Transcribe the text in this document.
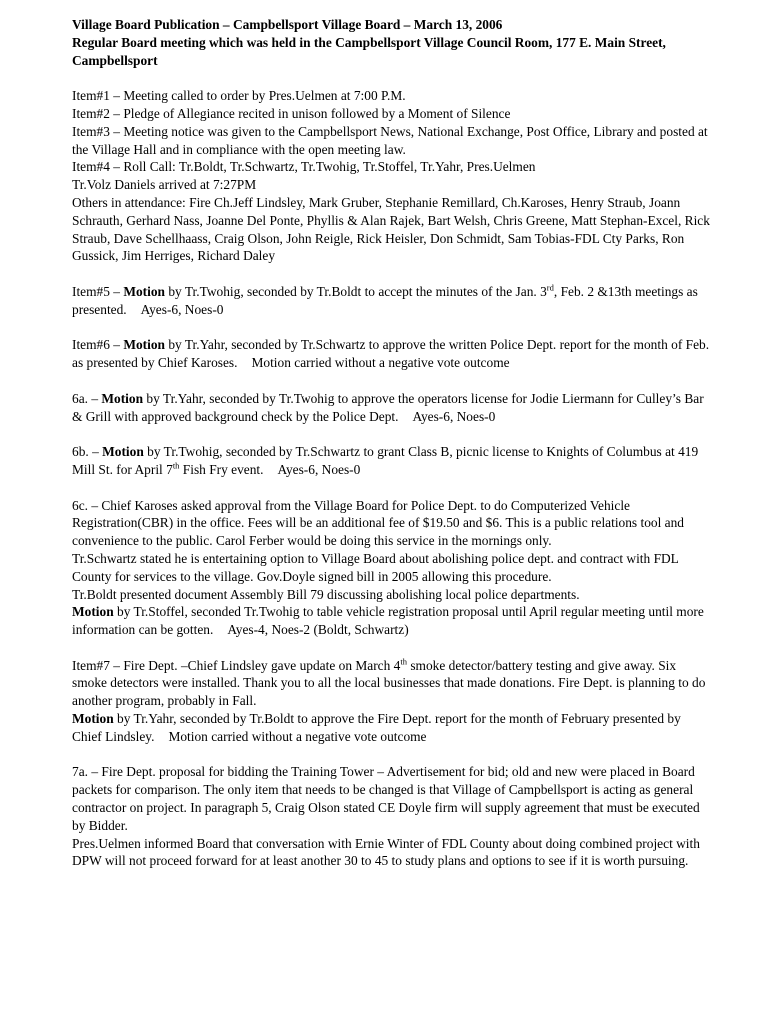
Village Board Publication – Campbellsport Village Board – March 13, 2006
Regular Board meeting which was held in the Campbellsport Village Council Room, 177 E. Main Street, Campbellsport
Item#1 – Meeting called to order by Pres.Uelmen at 7:00 P.M.
Item#2 – Pledge of Allegiance recited in unison followed by a Moment of Silence
Item#3 – Meeting notice was given to the Campbellsport News, National Exchange, Post Office, Library and posted at the Village Hall and in compliance with the open meeting law.
Item#4 – Roll Call: Tr.Boldt, Tr.Schwartz, Tr.Twohig, Tr.Stoffel, Tr.Yahr, Pres.Uelmen
Tr.Volz Daniels arrived at 7:27PM
Others in attendance: Fire Ch.Jeff Lindsley, Mark Gruber, Stephanie Remillard, Ch.Karoses, Henry Straub, Joann Schrauth, Gerhard Nass, Joanne Del Ponte, Phyllis & Alan Rajek, Bart Welsh, Chris Greene, Matt Stephan-Excel, Rick Straub, Dave Schellhaass, Craig Olson, John Reigle, Rick Heisler, Don Schmidt, Sam Tobias-FDL Cty Parks, Ron Gussick, Jim Herriges, Richard Daley
Item#5 – Motion by Tr.Twohig, seconded by Tr.Boldt to accept the minutes of the Jan. 3rd, Feb. 2 &13th meetings as presented. Ayes-6, Noes-0
Item#6 – Motion by Tr.Yahr, seconded by Tr.Schwartz to approve the written Police Dept. report for the month of Feb. as presented by Chief Karoses. Motion carried without a negative vote outcome
6a. – Motion by Tr.Yahr, seconded by Tr.Twohig to approve the operators license for Jodie Liermann for Culley’s Bar & Grill with approved background check by the Police Dept. Ayes-6, Noes-0
6b. – Motion by Tr.Twohig, seconded by Tr.Schwartz to grant Class B, picnic license to Knights of Columbus at 419 Mill St. for April 7th Fish Fry event. Ayes-6, Noes-0
6c. – Chief Karoses asked approval from the Village Board for Police Dept. to do Computerized Vehicle Registration(CBR) in the office. Fees will be an additional fee of $19.50 and $6. This is a public relations tool and convenience to the public. Carol Ferber would be doing this service in the mornings only.
Tr.Schwartz stated he is entertaining option to Village Board about abolishing police dept. and contract with FDL County for services to the village. Gov.Doyle signed bill in 2005 allowing this procedure.
Tr.Boldt presented document Assembly Bill 79 discussing abolishing local police departments.
Motion by Tr.Stoffel, seconded Tr.Twohig to table vehicle registration proposal until April regular meeting until more information can be gotten. Ayes-4, Noes-2 (Boldt, Schwartz)
Item#7 – Fire Dept. –Chief Lindsley gave update on March 4th smoke detector/battery testing and give away. Six smoke detectors were installed. Thank you to all the local businesses that made donations. Fire Dept. is planning to do another program, probably in Fall.
Motion by Tr.Yahr, seconded by Tr.Boldt to approve the Fire Dept. report for the month of February presented by Chief Lindsley. Motion carried without a negative vote outcome
7a. – Fire Dept. proposal for bidding the Training Tower – Advertisement for bid; old and new were placed in Board packets for comparison. The only item that needs to be changed is that Village of Campbellsport is acting as general contractor on project. In paragraph 5, Craig Olson stated CE Doyle firm will supply agreement that must be executed by Bidder.
Pres.Uelmen informed Board that conversation with Ernie Winter of FDL County about doing combined project with DPW will not proceed forward for at least another 30 to 45 to study plans and options to see if it is worth pursuing.
